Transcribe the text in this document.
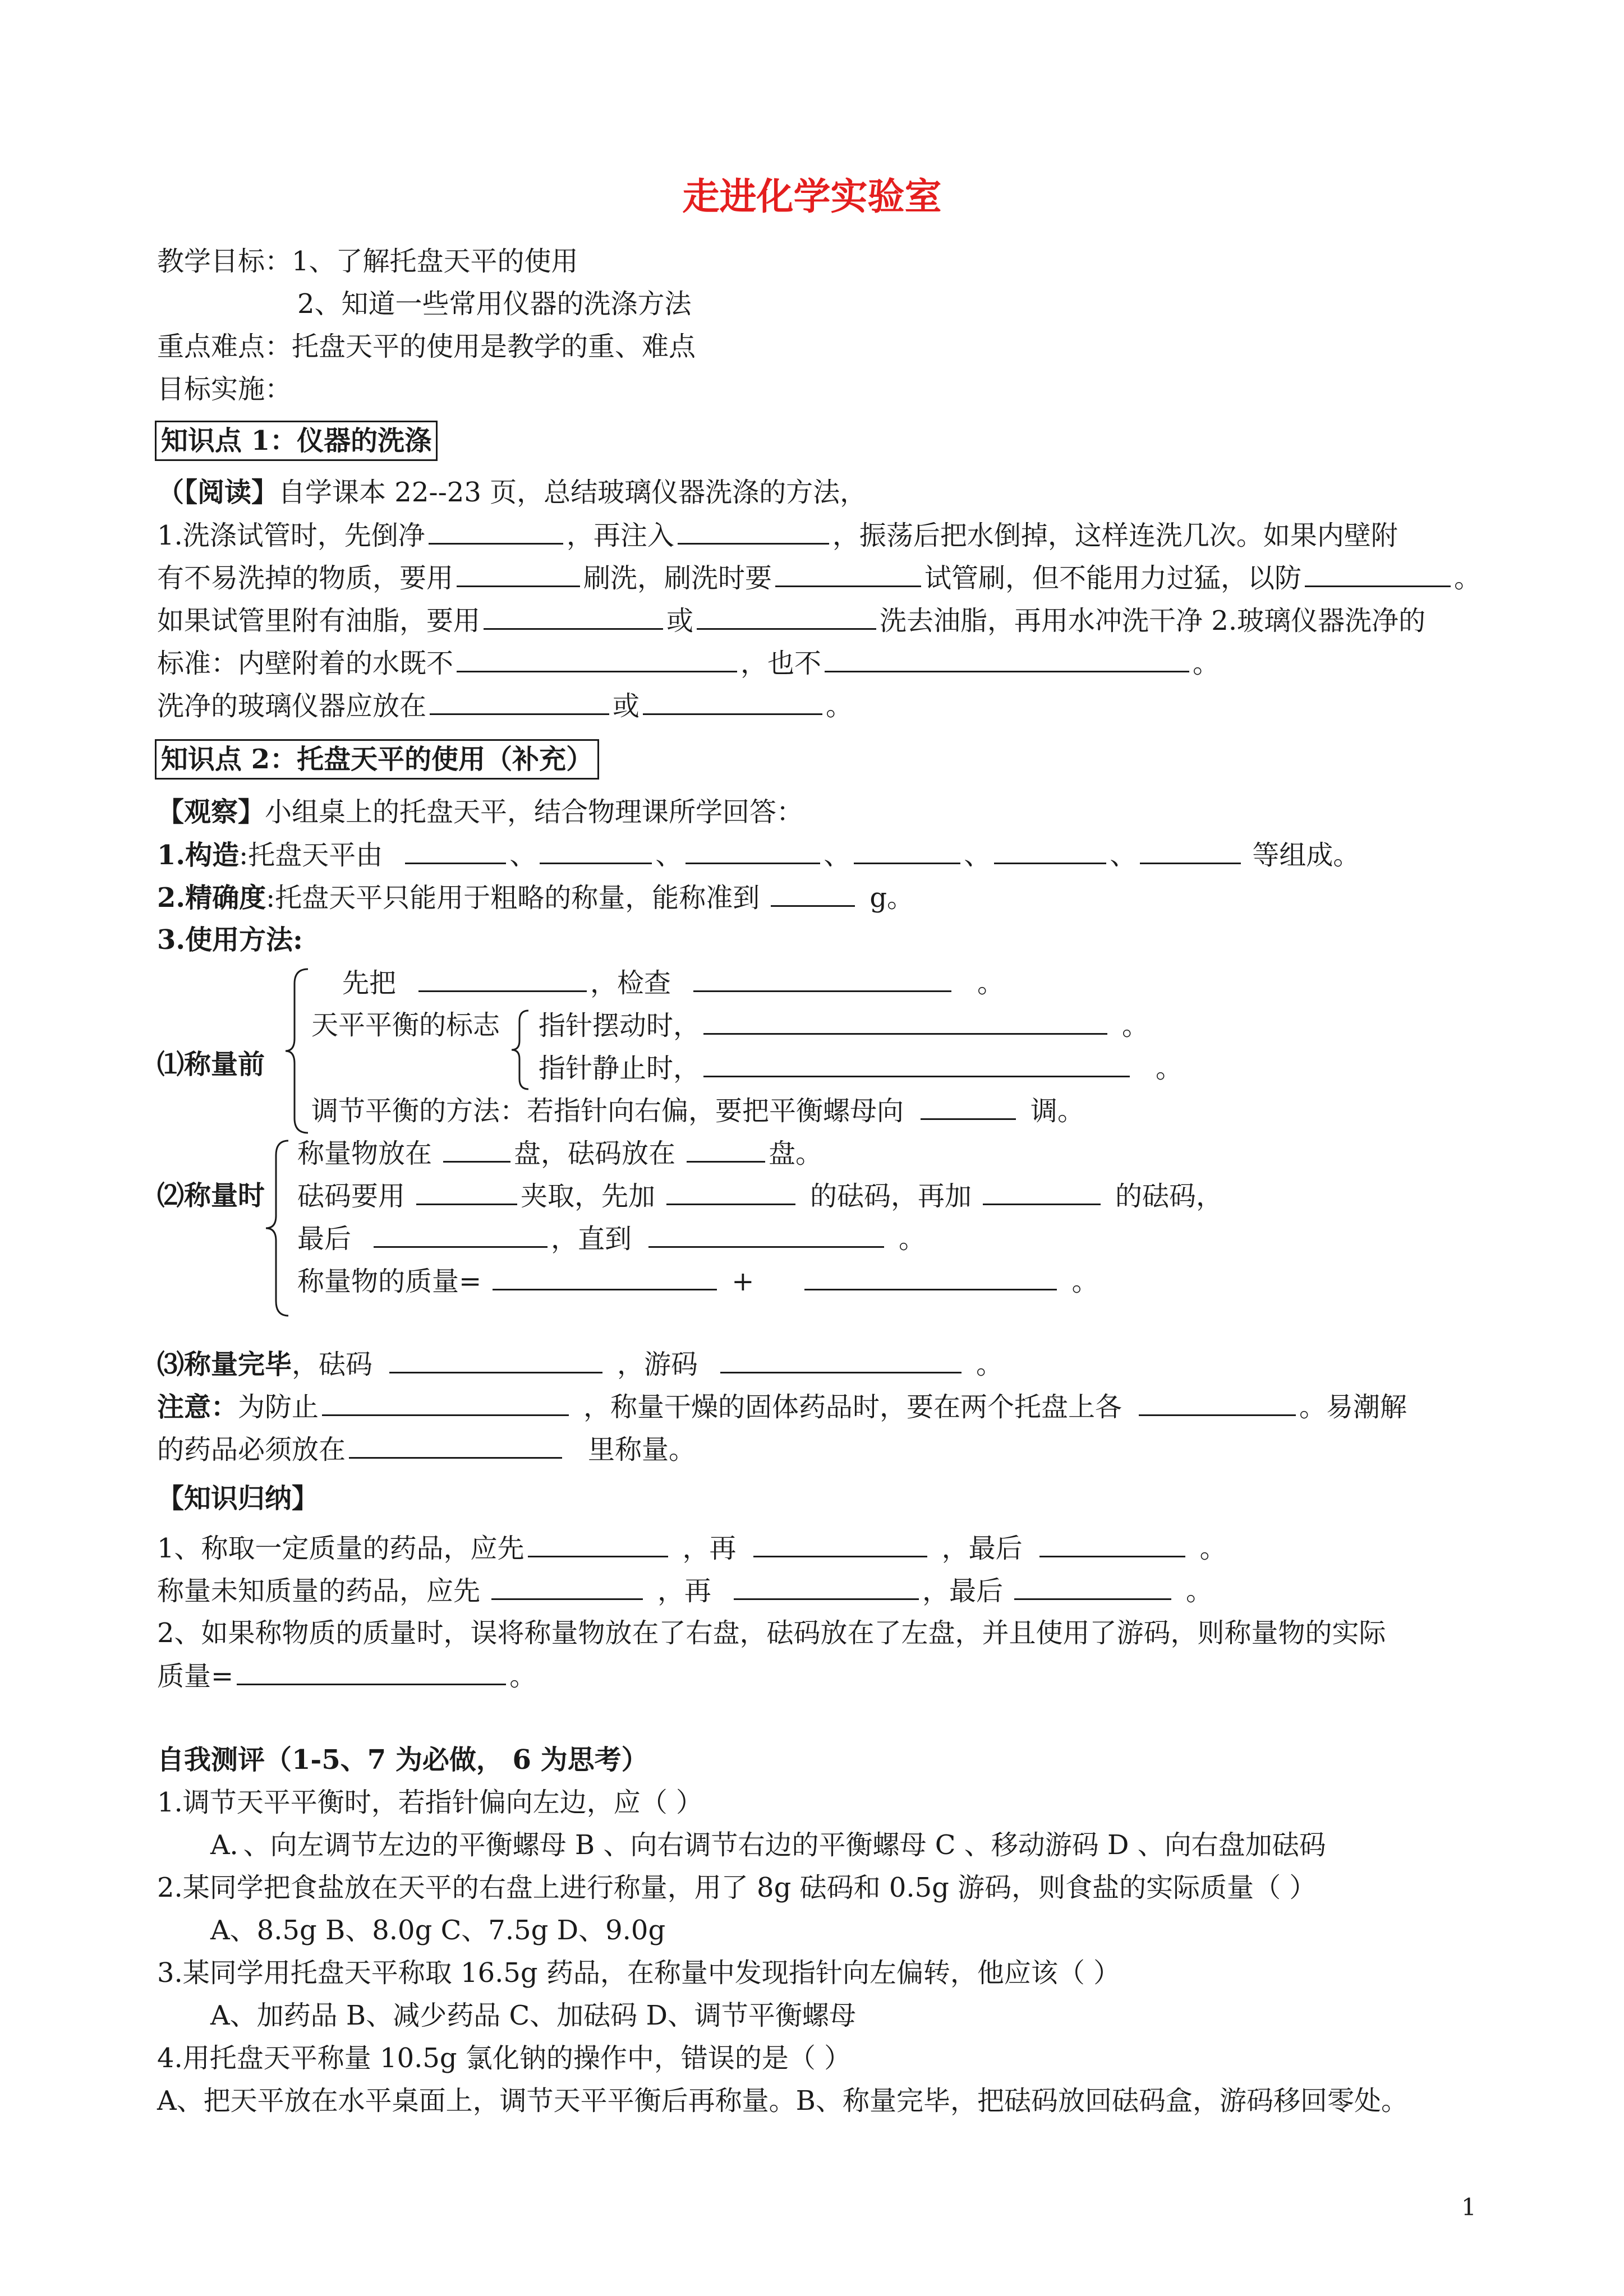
走进化学实验室
教学目标：1、了解托盘天平的使用
2、知道一些常用仪器的洗涤方法
重点难点：托盘天平的使用是教学的重、难点
目标实施：
知识点 1：仪器的洗涤
（【阅读】自学课本 22--23 页，总结玻璃仪器洗涤的方法，
1.洗涤试管时，先倒净	，再注入	，振荡后把水倒掉，这样连洗几次。如果内壁附
有不易洗掉的物质，要用	刷洗，刷洗时要	试管刷，但不能用力过猛，以防	。
如果试管里附有油脂，要用	或	洗去油脂，再用水冲洗干净 2.玻璃仪器洗净的
标准：内壁附着的水既不	，也不	。
洗净的玻璃仪器应放在	或	。
知识点 2：托盘天平的使用（补充）
【观察】小组桌上的托盘天平，结合物理课所学回答：
1.构造:托盘天平由	、	、	、	、	、	等组成。
2.精确度:托盘天平只能用于粗略的称量，能称准到	g。
3.使用方法:
⑴称量前
先把	，检查	。
天平平衡的标志 指针摆动时，	。
指针静止时，	。
调节平衡的方法：若指针向右偏，要把平衡螺母向	调。
⑵称量时
称量物放在	盘，砝码放在	盘。
砝码要用	夹取，先加	的砝码，再加	的砝码，
最后	，直到	。
称量物的质量=	+	。
⑶称量完毕，砝码	，游码	。
注意：为防止	，称量干燥的固体药品时，要在两个托盘上各	。易潮解
的药品必须放在	里称量。
【知识归纳】
1、称取一定质量的药品，应先	，再	，最后	。
称量未知质量的药品，应先	，再	，最后	。
2、如果称物质的质量时，误将称量物放在了右盘，砝码放在了左盘，并且使用了游码，则称量物的实际
质量=	。
自我测评（1-5、7 为必做， 6 为思考）
1.调节天平平衡时，若指针偏向左边，应（ ）
A．、向左调节左边的平衡螺母 B 、向右调节右边的平衡螺母 C 、移动游码 D 、向右盘加砝码
2.某同学把食盐放在天平的右盘上进行称量，用了 8g 砝码和 0.5g 游码，则食盐的实际质量（ ）
A、8.5g B、8.0g C、7.5g D、9.0g
3.某同学用托盘天平称取 16.5g 药品，在称量中发现指针向左偏转，他应该（ ）
A、加药品 B、减少药品 C、加砝码 D、调节平衡螺母
4.用托盘天平称量 10.5g 氯化钠的操作中，错误的是（ ）
A、把天平放在水平桌面上，调节天平平衡后再称量。B、称量完毕，把砝码放回砝码盒，游码移回零处。
1
